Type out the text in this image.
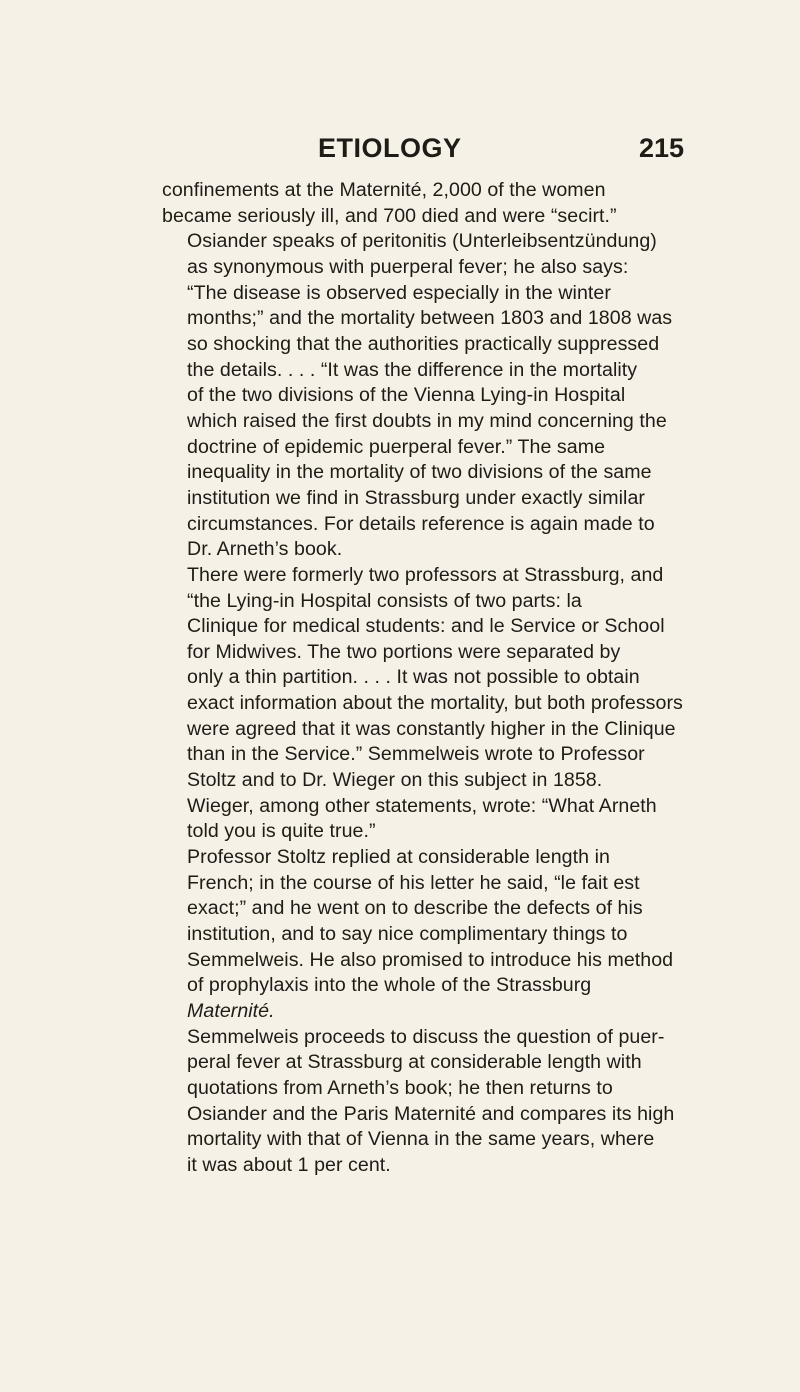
ETIOLOGY	215

confinements at the Maternité, 2,000 of the women
became seriously ill, and 700 died and were “secirt.”

Osiander speaks of peritonitis (Unterleibsentzündung)
as synonymous with puerperal fever; he also says:
“The disease is observed especially in the winter
months;” and the mortality between 1803 and 1808 was
so shocking that the authorities practically suppressed
the details. . . . “It was the difference in the mortality
of the two divisions of the Vienna Lying-in Hospital
which raised the first doubts in my mind concerning the
doctrine of epidemic puerperal fever.” The same
inequality in the mortality of two divisions of the same
institution we find in Strassburg under exactly similar
circumstances. For details reference is again made to
Dr. Arneth’s book.

There were formerly two professors at Strassburg, and
“the Lying-in Hospital consists of two parts: la
Clinique for medical students: and le Service or School
for Midwives. The two portions were separated by
only a thin partition. . . . It was not possible to obtain
exact information about the mortality, but both professors
were agreed that it was constantly higher in the Clinique
than in the Service.” Semmelweis wrote to Professor
Stoltz and to Dr. Wieger on this subject in 1858.
Wieger, among other statements, wrote: “What Arneth
told you is quite true.”

Professor Stoltz replied at considerable length in
French; in the course of his letter he said, “le fait est
exact;” and he went on to describe the defects of his
institution, and to say nice complimentary things to
Semmelweis. He also promised to introduce his method
of prophylaxis into the whole of the Strassburg
Maternité.

Semmelweis proceeds to discuss the question of puer-
peral fever at Strassburg at considerable length with
quotations from Arneth’s book; he then returns to
Osiander and the Paris Maternité and compares its high
mortality with that of Vienna in the same years, where
it was about 1 per cent.
